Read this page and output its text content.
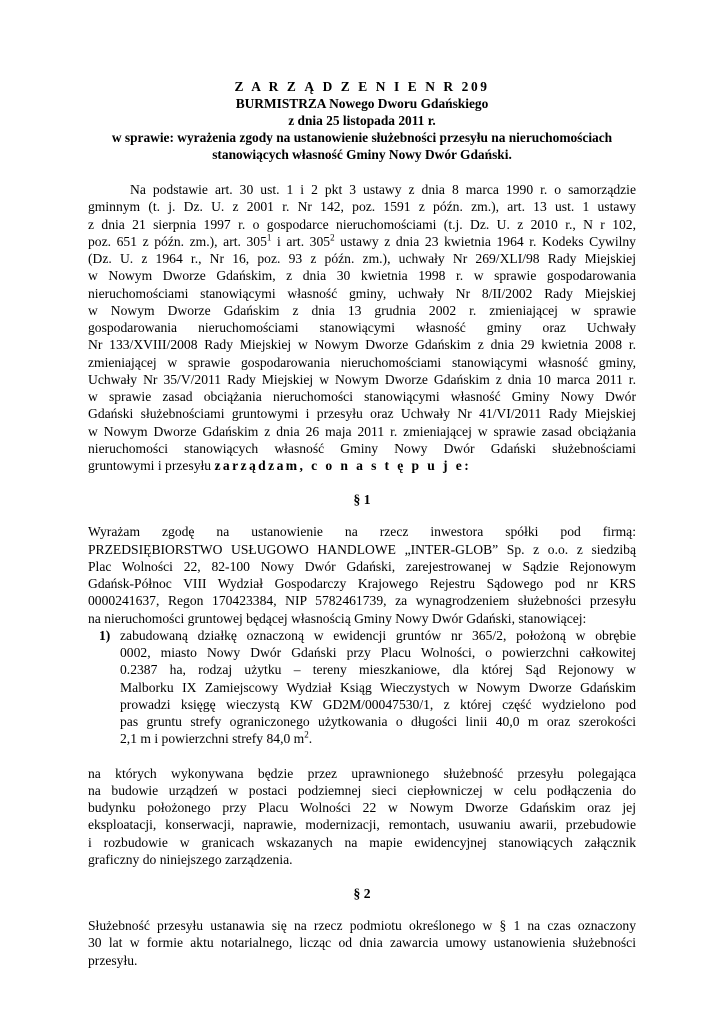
Z A R Z Ą D Z E N I E N R 209
BURMISTRZA Nowego Dworu Gdańskiego
z dnia 25 listopada 2011 r.
w sprawie: wyrażenia zgody na ustanowienie służebności przesyłu na nieruchomościach
stanowiących własność Gminy Nowy Dwór Gdański.
Na podstawie art. 30 ust. 1 i 2 pkt 3 ustawy z dnia 8 marca 1990 r. o samorządzie
gminnym (t. j. Dz. U. z 2001 r. Nr 142, poz. 1591 z późn. zm.), art. 13 ust. 1 ustawy
z dnia 21 sierpnia 1997 r. o gospodarce nieruchomościami (t.j. Dz. U. z 2010 r., N r 102,
poz. 651 z późn. zm.), art. $305^1$ i art. $305^2$ ustawy z dnia 23 kwietnia 1964 r. Kodeks Cywilny
(Dz. U. z 1964 r., Nr 16, poz. 93 z późn. zm.), uchwały Nr 269/XLI/98 Rady Miejskiej
w Nowym Dworze Gdańskim, z dnia 30 kwietnia 1998 r. w sprawie gospodarowania
nieruchomościami stanowiącymi własność gminy, uchwały Nr 8/II/2002 Rady Miejskiej
w Nowym Dworze Gdańskim z dnia 13 grudnia 2002 r. zmieniającej w sprawie
gospodarowania nieruchomościami stanowiącymi własność gminy oraz Uchwały
Nr 133/XVIII/2008 Rady Miejskiej w Nowym Dworze Gdańskim z dnia 29 kwietnia 2008 r.
zmieniającej w sprawie gospodarowania nieruchomościami stanowiącymi własność gminy,
Uchwały Nr 35/V/2011 Rady Miejskiej w Nowym Dworze Gdańskim z dnia 10 marca 2011 r.
w sprawie zasad obciążania nieruchomości stanowiącymi własność Gminy Nowy Dwór
Gdański służebnościami gruntowymi i przesyłu oraz Uchwały Nr 41/VI/2011 Rady Miejskiej
w Nowym Dworze Gdańskim z dnia 26 maja 2011 r. zmieniającej w sprawie zasad obciążania
nieruchomości stanowiących własność Gminy Nowy Dwór Gdański służebnościami
gruntowymi i przesyłu zarządzam, c o n a s t ę p u j e:
§ 1
Wyrażam zgodę na ustanowienie na rzecz inwestora spółki pod firmą:
PRZEDSIĘBIORSTWO USŁUGOWO HANDLOWE „INTER-GLOB” Sp. z o.o. z siedzibą
Plac Wolności 22, 82-100 Nowy Dwór Gdański, zarejestrowanej w Sądzie Rejonowym
Gdańsk-Północ VIII Wydział Gospodarczy Krajowego Rejestru Sądowego pod nr KRS
0000241637, Regon 170423384, NIP 5782461739, za wynagrodzeniem służebności przesyłu
na nieruchomości gruntowej będącej własnością Gminy Nowy Dwór Gdański, stanowiącej:
1) zabudowaną działkę oznaczoną w ewidencji gruntów nr 365/2, położoną w obrębie
0002, miasto Nowy Dwór Gdański przy Placu Wolności, o powierzchni całkowitej
0.2387 ha, rodzaj użytku – tereny mieszkaniowe, dla której Sąd Rejonowy w
Malborku IX Zamiejscowy Wydział Ksiąg Wieczystych w Nowym Dworze Gdańskim
prowadzi księgę wieczystą KW GD2M/00047530/1, z której część wydzielono pod
pas gruntu strefy ograniczonego użytkowania o długości linii 40,0 m oraz szerokości
2,1 m i powierzchni strefy 84,0 $m^2$.
na których wykonywana będzie przez uprawnionego służebność przesyłu polegająca
na budowie urządzeń w postaci podziemnej sieci ciepłowniczej w celu podłączenia do
budynku położonego przy Placu Wolności 22 w Nowym Dworze Gdańskim oraz jej
eksploatacji, konserwacji, naprawie, modernizacji, remontach, usuwaniu awarii, przebudowie
i rozbudowie w granicach wskazanych na mapie ewidencyjnej stanowiących załącznik
graficzny do niniejszego zarządzenia.
§ 2
Służebność przesyłu ustanawia się na rzecz podmiotu określonego w § 1 na czas oznaczony
30 lat w formie aktu notarialnego, licząc od dnia zawarcia umowy ustanowienia służebności
przesyłu.
